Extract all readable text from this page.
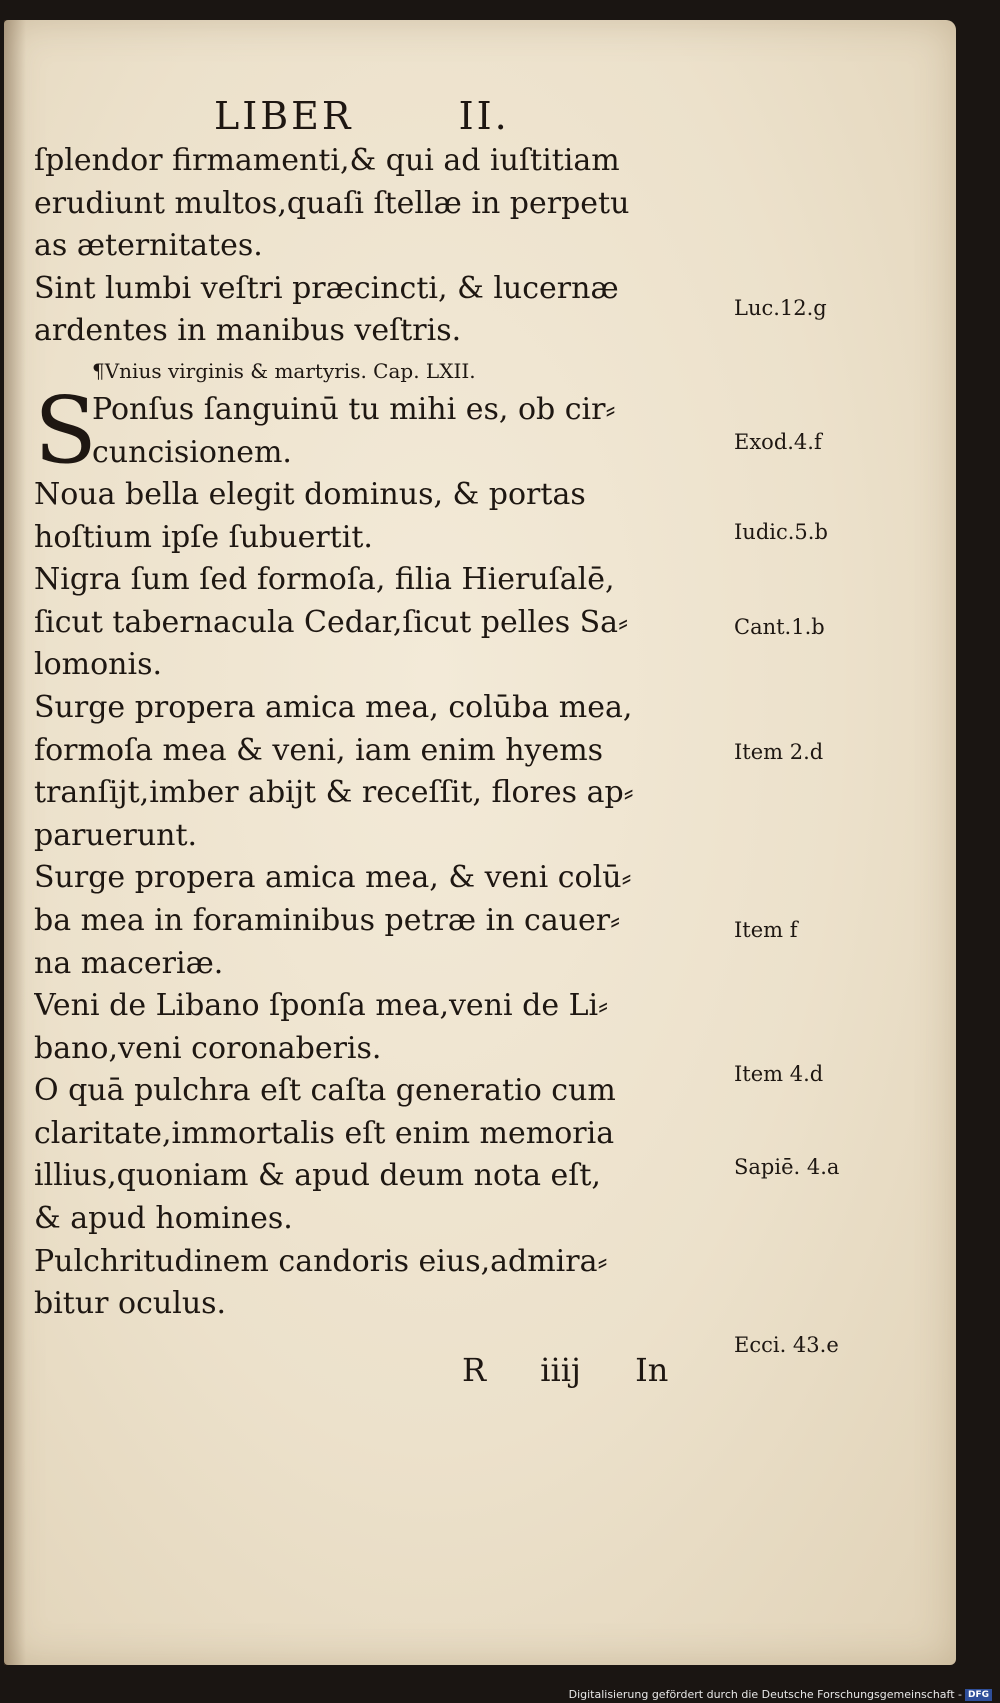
LIBER II.
ſplendor firmamenti,& qui ad iuſtitiam
erudiunt multos,quaſi ſtellæ in perpetu
as æternitates.
Sint lumbi veſtri præcincti, & lucernæ
ardentes in manibus veſtris.
¶Vnius virginis & martyris. Cap. LXII.
S
Ponſus ſanguinū tu mihi es, ob cir⸗
cuncisionem.
Noua bella elegit dominus, & portas
hoſtium ipſe ſubuertit.
Nigra ſum ſed formoſa, filia Hieruſalē,
ſicut tabernacula Cedar,ſicut pelles Sa⸗
lomonis.
Surge propera amica mea, colūba mea,
formoſa mea & veni, iam enim hyems
tranſijt,imber abijt & receſſit, flores ap⸗
paruerunt.
Surge propera amica mea, & veni colū⸗
ba mea in foraminibus petræ in cauer⸗
na maceriæ.
Veni de Libano ſponſa mea,veni de Li⸗
bano,veni coronaberis.
O quā pulchra eſt caſta generatio cum
claritate,immortalis eſt enim memoria
illius,quoniam & apud deum nota eſt,
& apud homines.
Pulchritudinem candoris eius,admira⸗
bitur oculus.
R iiij In
Luc.12.g
Exod.4.f
Iudic.5.b
Cant.1.b
Item 2.d
Item f
Item 4.d
Sapiē. 4.a
Ecci. 43.e
Digitalisierung gefördert durch die Deutsche Forschungsgemeinschaft - DFG
